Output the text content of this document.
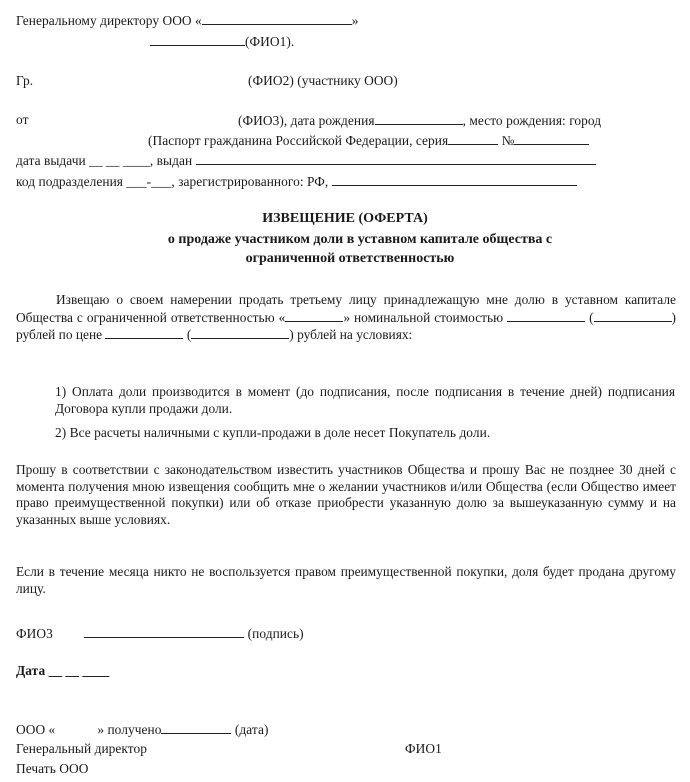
Генеральному директору ООО «	»
(ФИО1).
Гр.	(ФИО2) (участнику ООО)
от	(ФИО3), дата рождения	, место рождения: город
(Паспорт гражданина Российской Федерации, серия	№
дата выдачи __ __ ____, выдан
код подразделения ___-___, зарегистрированного: РФ,
ИЗВЕЩЕНИЕ (ОФЕРТА)
о продаже участником доли в уставном капитале общества с
ограниченной ответственностью
Извещаю о своем намерении продать третьему лицу принадлежащую мне долю в уставном капитале Общества с ограниченной ответственностью «	» номинальной стоимостью	(	) рублей по цене	(	) рублей на условиях:
1) Оплата доли производится в момент (до подписания, после подписания в течение дней) подписания Договора купли продажи доли.
2) Все расчеты наличными с купли-продажи в доле несет Покупатель доли.
Прошу в соответствии с законодательством известить участников Общества и прошу Вас не позднее 30 дней с момента получения мною извещения сообщить мне о желании участников и/или Общества (если Общество имеет право преимущественной покупки) или об отказе приобрести указанную долю за вышеуказанную сумму и на указанных выше условиях.
Если в течение месяца никто не воспользуется правом преимущественной покупки, доля будет продана другому лицу.
ФИО3	(подпись)
Дата __ __ ____
ООО «	» получено	(дата)
Генеральный директор	ФИО1
Печать ООО
